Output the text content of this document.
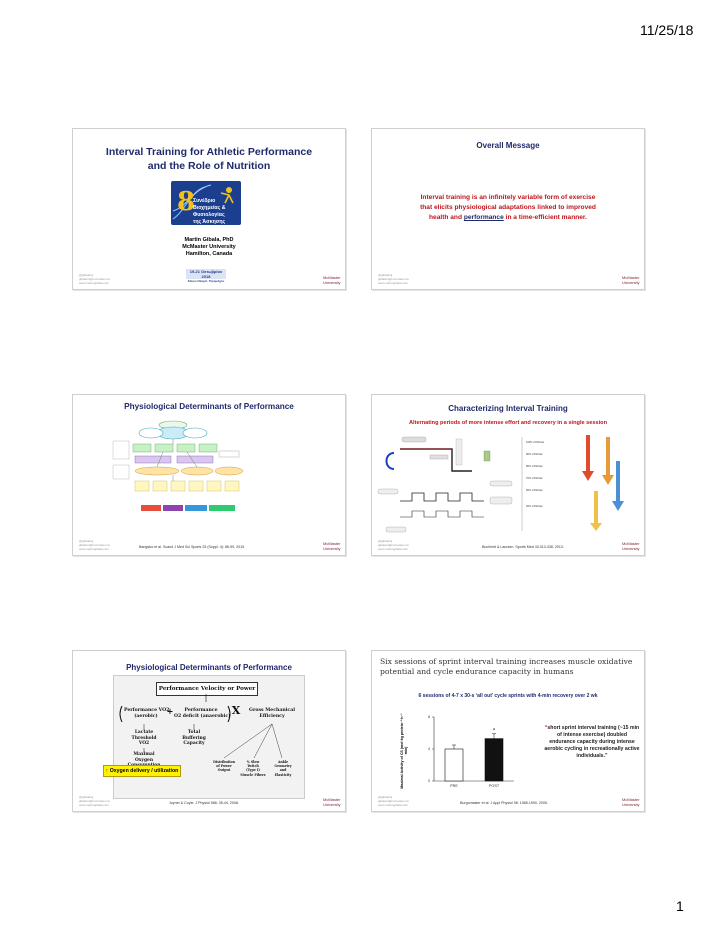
11/25/18
Interval Training for Athletic Performance and the Role of Nutrition
8
Συνέδριο
Βιοχημείας & Φυσιολογίας
της Άσκησης
Martin Gibala, PhD
McMaster University
Hamilton, Canada
19-21 Οκτωβρίου 2018
Σάκου Ολύμπ. Τηλεμάχου
@gibalamj
gibalam@mcmaster.ca
www.martingibala.com
McMaster
University
Overall Message
Interval training is an infinitely variable form of exercise
that elicits physiological adaptations linked to improved
health and performance in a time-efficient manner.
@gibalamj
gibalam@mcmaster.ca
www.martingibala.com
McMaster
University
Physiological Determinants of Performance
Bangsbo et al. Scand J Med Sci Sports 25 (Suppl. 4): 88-99, 2015.
@gibalamj
gibalam@mcmaster.ca
www.martingibala.com
McMaster
University
Characterizing Interval Training
Alternating periods of more intense effort and recovery in a single session
100% vVO2max
90% vVO2max
80% vVO2max
70% vVO2max
60% vVO2max
40% vVO2max
Buchheit & Laursen. Sports Med 43:313-338, 2013.
@gibalamj
gibalam@mcmaster.ca
www.martingibala.com
McMaster
University
Physiological Determinants of Performance
Performance Velocity or Power
Performance VO2
(aerobic)
+	Performance
O2 deficit (anaerobic) X	Gross Mechanical
Efficiency
Lactate
Threshold
VO2
Total
Buffering
Capacity
Maximal
Oxygen	Distribution
of Power
Output
% Slow
Twitch
(Type I)
Muscle Fibers
Ankle
Geometry
and
Elasticity
↑ Oxygen delivery / utilization
Joyner & Coyle. J Physiol 586: 35-44, 2008.
@gibalamj
gibalam@mcmaster.ca
www.martingibala.com
McMaster
University
Six sessions of sprint interval training increases muscle oxidative potential and cycle endurance capacity in humans
6 sessions of 4-7 x 30-s ‘all out’ cycle sprints with 4-min recovery over 2 wk
0
4
8
PRE	POST
*
Maximal Activity of CS (mol·kg protein⁻¹·h⁻¹ ·min)
“short sprint interval training (~15 min of intense exercise) doubled endurance capacity during intense aerobic cycling in recreationally active individuals.”
Burgomaster et al. J Appl Physiol 98: 1985-1990, 2005.
@gibalamj
gibalam@mcmaster.ca
www.martingibala.com
McMaster
University
1
